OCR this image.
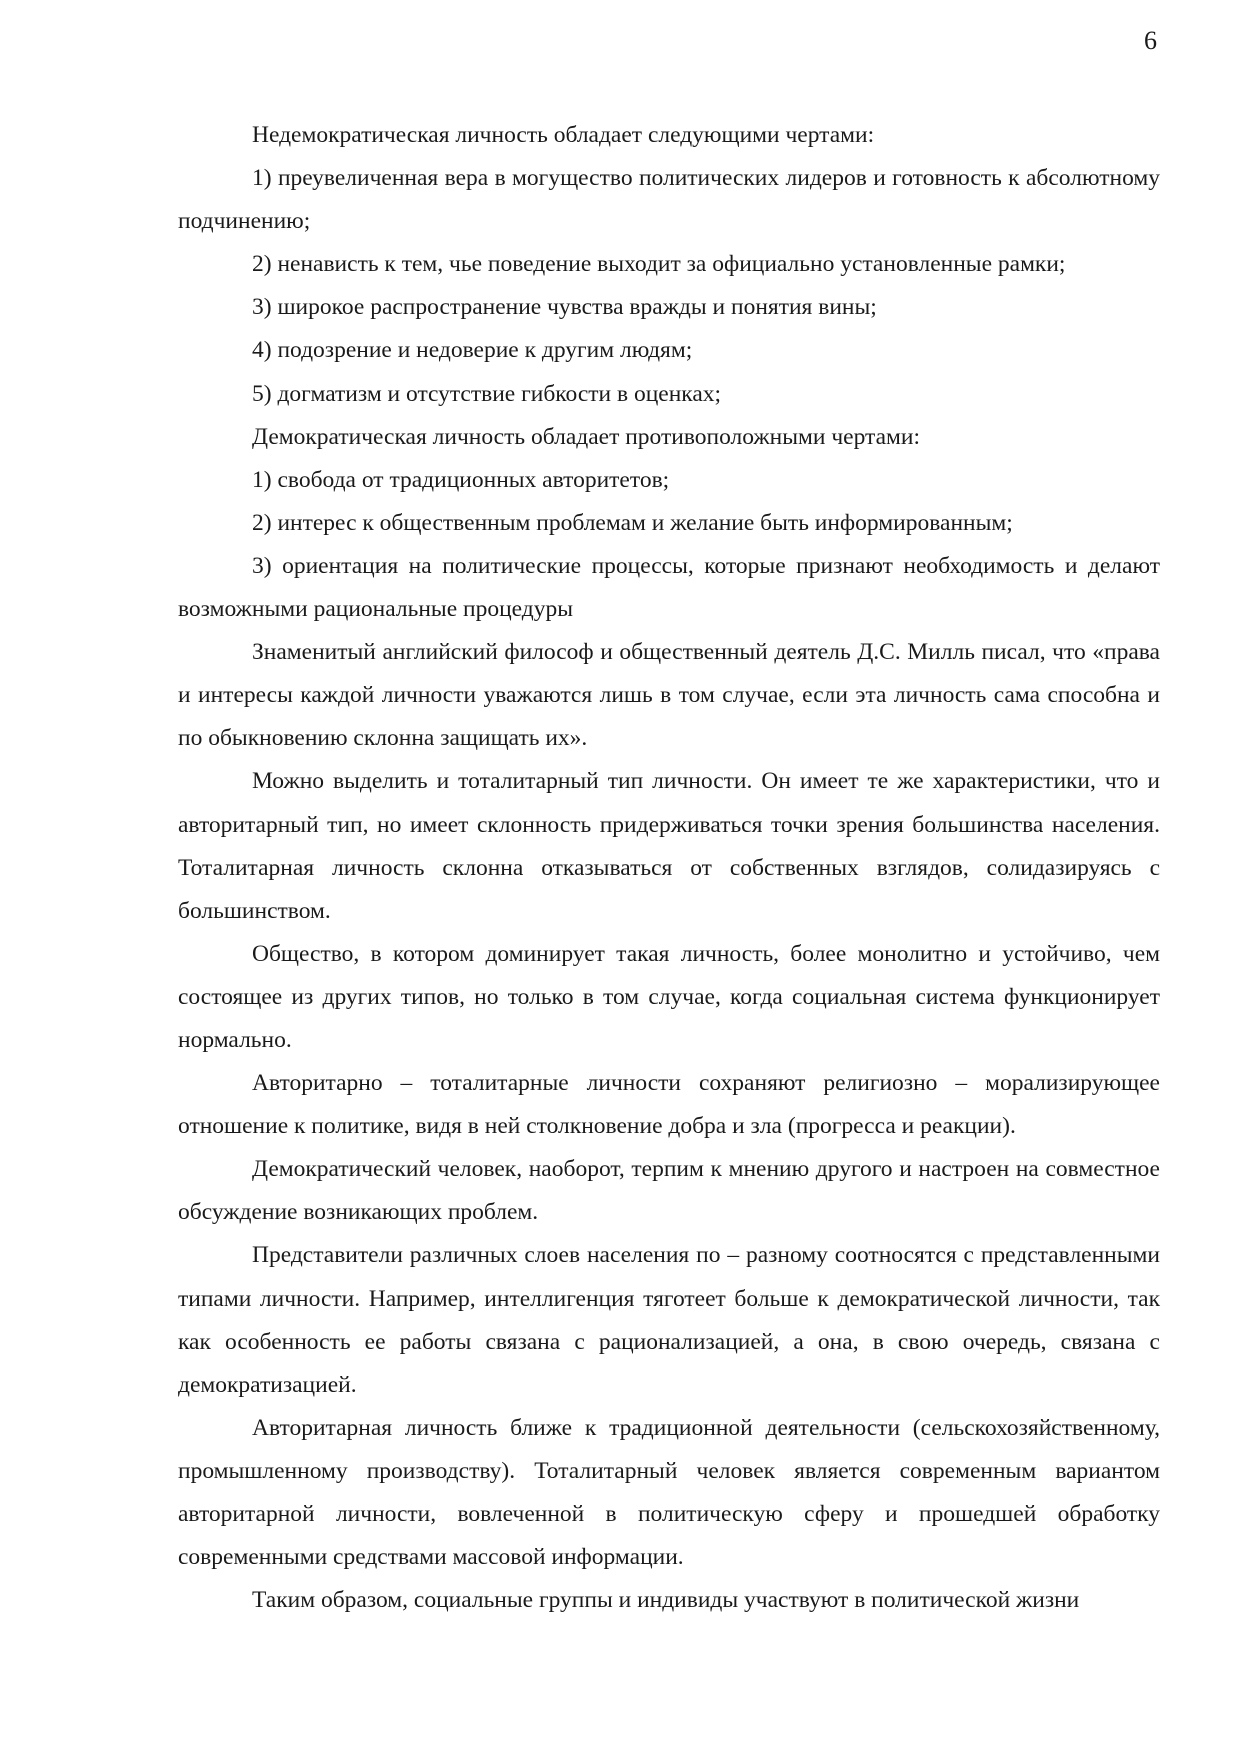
6

Недемократическая личность обладает следующими чертами:

1) преувеличенная вера в могущество политических лидеров и готовность к абсолютному подчинению;

2) ненависть к тем, чье поведение выходит за официально установленные рамки;

3) широкое распространение чувства вражды и понятия вины;

4) подозрение и недоверие к другим людям;

5) догматизм и отсутствие гибкости в оценках;

Демократическая личность обладает противоположными чертами:

1) свобода от традиционных авторитетов;

2) интерес к общественным проблемам и желание быть информированным;

3) ориентация на политические процессы, которые признают необходимость и делают возможными рациональные процедуры

Знаменитый английский философ и общественный деятель Д.С. Милль писал, что «права и интересы каждой личности уважаются лишь в том случае, если эта личность сама способна и по обыкновению склонна защищать их».

Можно выделить и тоталитарный тип личности. Он имеет те же характеристики, что и авторитарный тип, но имеет склонность придерживаться точки зрения большинства населения. Тоталитарная личность склонна отказываться от собственных взглядов, солидазируясь с большинством.

Общество, в котором доминирует такая личность, более монолитно и устойчиво, чем состоящее из других типов, но только в том случае, когда социальная система функционирует нормально.

Авторитарно – тоталитарные личности сохраняют религиозно – морализирующее отношение к политике, видя в ней столкновение добра и зла (прогресса и реакции).

Демократический человек, наоборот, терпим к мнению другого и настроен на совместное обсуждение возникающих проблем.

Представители различных слоев населения по – разному соотносятся с представленными типами личности. Например, интеллигенция тяготеет больше к демократической личности, так как особенность ее работы связана с рационализацией, а она, в свою очередь, связана с демократизацией.

Авторитарная личность ближе к традиционной деятельности (сельскохозяйственному, промышленному производству). Тоталитарный человек является современным вариантом авторитарной личности, вовлеченной в политическую сферу и прошедшей обработку современными средствами массовой информации.

Таким образом, социальные группы и индивиды участвуют в политической жизни
